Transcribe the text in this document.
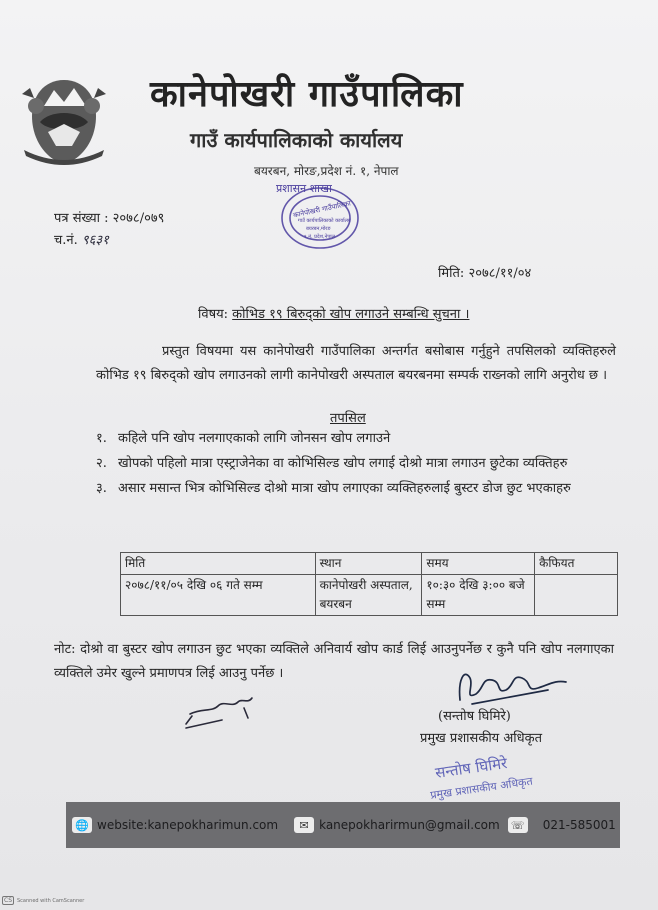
कानेपोखरी गाउँपालिका
गाउँ कार्यपालिकाको कार्यालय
बयरबन, मोरङ,प्रदेश नं. १, नेपाल
प्रशासन शाखा
कानेपोखरी गाउँपालिका
गाउँ कार्यपालिकाको कार्यालय
बयरबन,मोरङ
१ नं. प्रदेश,नेपाल
पत्र संख्या : २०७८/०७९
च.नं. ९६३१
मिति: २०७८/११/०४
विषय: कोभिड १९ बिरुद्को खोप लगाउने सम्बन्धि सुचना ।
प्रस्तुत विषयमा यस कानेपोखरी गाउँपालिका अन्तर्गत बसोबास गर्नुहुने तपसिलको व्यक्तिहरुले कोभिड १९ बिरुद्को खोप लगाउनको लागी कानेपोखरी अस्पताल बयरबनमा सम्पर्क राख्नको लागि अनुरोध छ ।
तपसिल
१. कहिले पनि खोप नलगाएकाको लागि जोनसन खोप लगाउने
२. खोपको पहिलो मात्रा एस्ट्राजेनेका वा कोभिसिल्ड खोप लगाई दोश्रो मात्रा लगाउन छुटेका व्यक्तिहरु
३. असार मसान्त भित्र कोभिसिल्ड दोश्रो मात्रा खोप लगाएका व्यक्तिहरुलाई बुस्टर डोज छुट भएकाहरु
मिति	स्थान	समय	कैफियत
२०७८/११/०५ देखि ०६ गते सम्म	कानेपोखरी अस्पताल, बयरबन	१०:३० देखि ३:०० बजे सम्म	
नोट: दोश्रो वा बुस्टर खोप लगाउन छुट भएका व्यक्तिले अनिवार्य खोप कार्ड लिई आउनुपर्नेछ र कुनै पनि खोप नलगाएका व्यक्तिले उमेर खुल्ने प्रमाणपत्र लिई आउनु पर्नेछ ।
(सन्तोष घिमिरे)
प्रमुख प्रशासकीय अधिकृत
सन्तोष घिमिरे
प्रमुख प्रशासकीय अधिकृत
🌐 website:kanepokharimun.com	✉ kanepokharirmun@gmail.com ☏ 021-585001
CS	Scanned with CamScanner
